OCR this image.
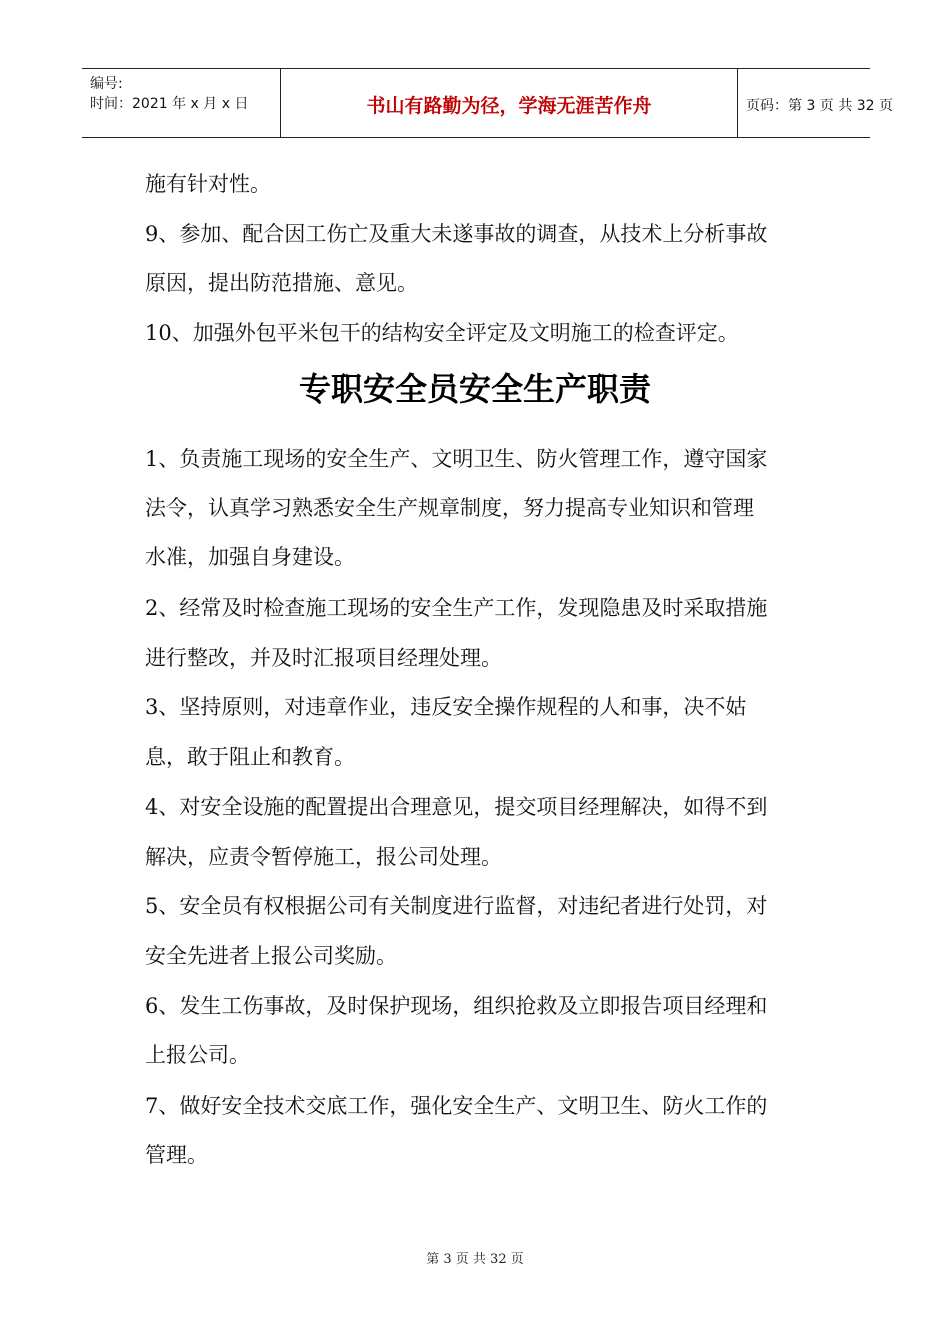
编号:
时间：2021 年 x 月 x 日	书山有路勤为径，学海无涯苦作舟	页码：第 3 页 共 32 页
施有针对性。
9、参加、配合因工伤亡及重大未遂事故的调查，从技术上分析事故
原因，提出防范措施、意见。
10、加强外包平米包干的结构安全评定及文明施工的检查评定。
专职安全员安全生产职责
1、负责施工现场的安全生产、文明卫生、防火管理工作，遵守国家
法令，认真学习熟悉安全生产规章制度，努力提高专业知识和管理
水准，加强自身建设。
2、经常及时检查施工现场的安全生产工作，发现隐患及时采取措施
进行整改，并及时汇报项目经理处理。
3、坚持原则，对违章作业，违反安全操作规程的人和事，决不姑
息，敢于阻止和教育。
4、对安全设施的配置提出合理意见，提交项目经理解决，如得不到
解决，应责令暂停施工，报公司处理。
5、安全员有权根据公司有关制度进行监督，对违纪者进行处罚，对
安全先进者上报公司奖励。
6、发生工伤事故，及时保护现场，组织抢救及立即报告项目经理和
上报公司。
7、做好安全技术交底工作，强化安全生产、文明卫生、防火工作的
管理。
第 3 页 共 32 页
